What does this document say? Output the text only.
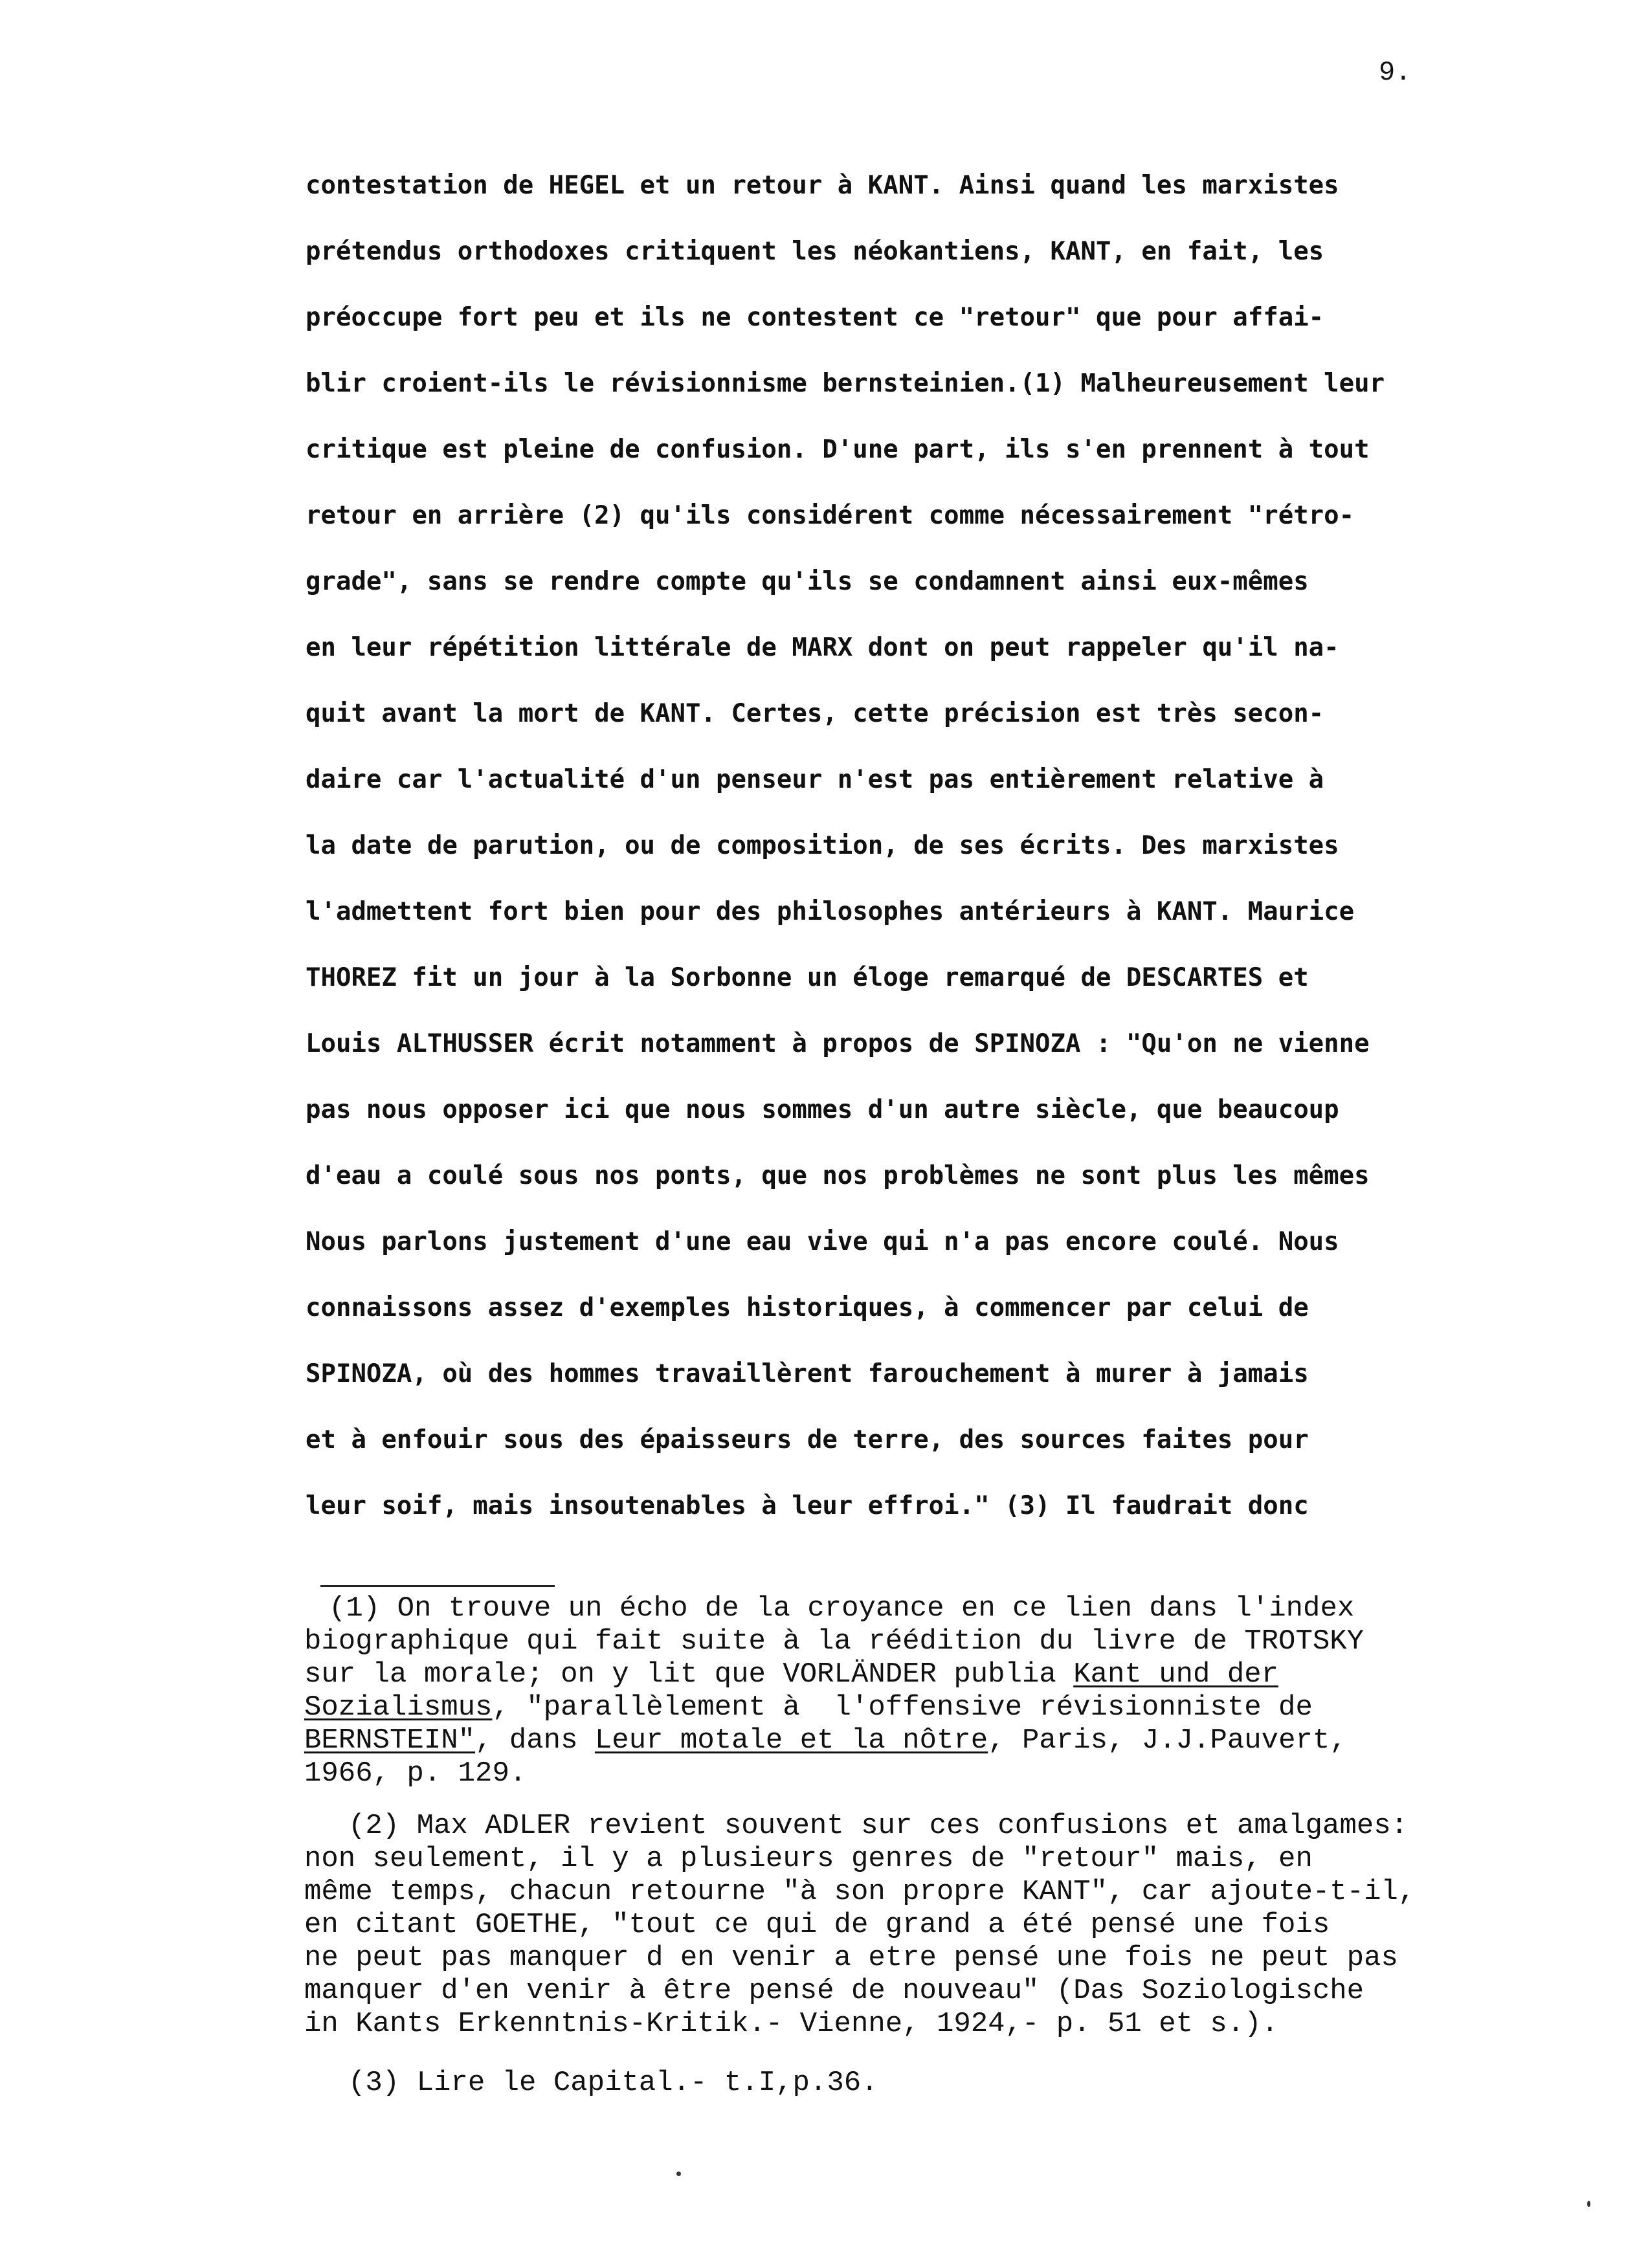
9.
contestation de HEGEL et un retour à KANT. Ainsi quand les marxistes
prétendus orthodoxes critiquent les néokantiens, KANT, en fait, les
préoccupe fort peu et ils ne contestent ce "retour" que pour affai-
blir croient-ils le révisionnisme bernsteinien.(1) Malheureusement leur
critique est pleine de confusion. D'une part, ils s'en prennent à tout
retour en arrière (2) qu'ils considérent comme nécessairement "rétro-
grade", sans se rendre compte qu'ils se condamnent ainsi eux-mêmes
en leur répétition littérale de MARX dont on peut rappeler qu'il na-
quit avant la mort de KANT. Certes, cette précision est très secon-
daire car l'actualité d'un penseur n'est pas entièrement relative à
la date de parution, ou de composition, de ses écrits. Des marxistes
l'admettent fort bien pour des philosophes antérieurs à KANT. Maurice
THOREZ fit un jour à la Sorbonne un éloge remarqué de DESCARTES et
Louis ALTHUSSER écrit notamment à propos de SPINOZA : "Qu'on ne vienne
pas nous opposer ici que nous sommes d'un autre siècle, que beaucoup
d'eau a coulé sous nos ponts, que nos problèmes ne sont plus les mêmes
Nous parlons justement d'une eau vive qui n'a pas encore coulé. Nous
connaissons assez d'exemples historiques, à commencer par celui de
SPINOZA, où des hommes travaillèrent farouchement à murer à jamais
et à enfouir sous des épaisseurs de terre, des sources faites pour
leur soif, mais insoutenables à leur effroi." (3) Il faudrait donc
(1) On trouve un écho de la croyance en ce lien dans l'index
biographique qui fait suite à la réédition du livre de TROTSKY
sur la morale; on y lit que VORLÄNDER publia Kant und der
Sozialismus, "parallèlement à  l'offensive révisionniste de
BERNSTEIN", dans Leur motale et la nôtre, Paris, J.J.Pauvert,
1966, p. 129.
(2) Max ADLER revient souvent sur ces confusions et amalgames:
non seulement, il y a plusieurs genres de "retour" mais, en
même temps, chacun retourne "à son propre KANT", car ajoute-t-il,
en citant GOETHE, "tout ce qui de grand a été pensé une fois
ne peut pas manquer d en venir a etre pensé une fois ne peut pas
manquer d'en venir à être pensé de nouveau" (Das Soziologische
in Kants Erkenntnis-Kritik.- Vienne, 1924,- p. 51 et s.).
(3) Lire le Capital.- t.I,p.36.
